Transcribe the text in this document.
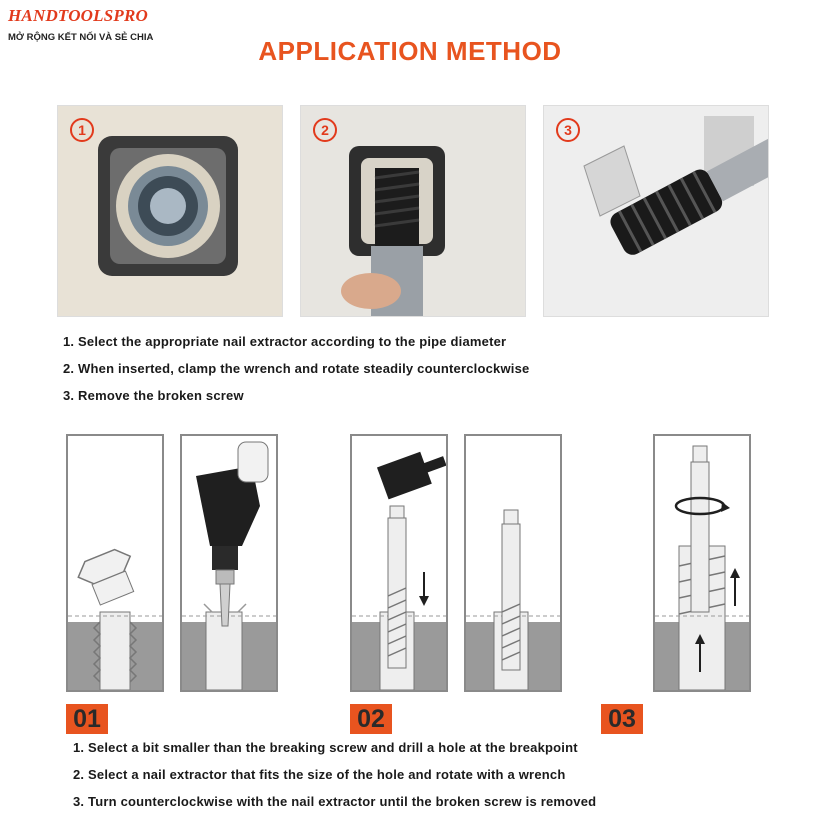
HANDTOOLSPRO
MỞ RỘNG KẾT NỐI VÀ SẺ CHIA	APPLICATION METHOD
1	2	3
1. Select the appropriate nail extractor according to the pipe diameter
2. When inserted, clamp the wrench and rotate steadily counterclockwise
3. Remove the broken screw
01	02	03
1. Select a bit smaller than the breaking screw and drill a hole at the breakpoint
2. Select a nail extractor that fits the size of the hole and rotate with a wrench
3. Turn counterclockwise with the nail extractor until the broken screw is removed
